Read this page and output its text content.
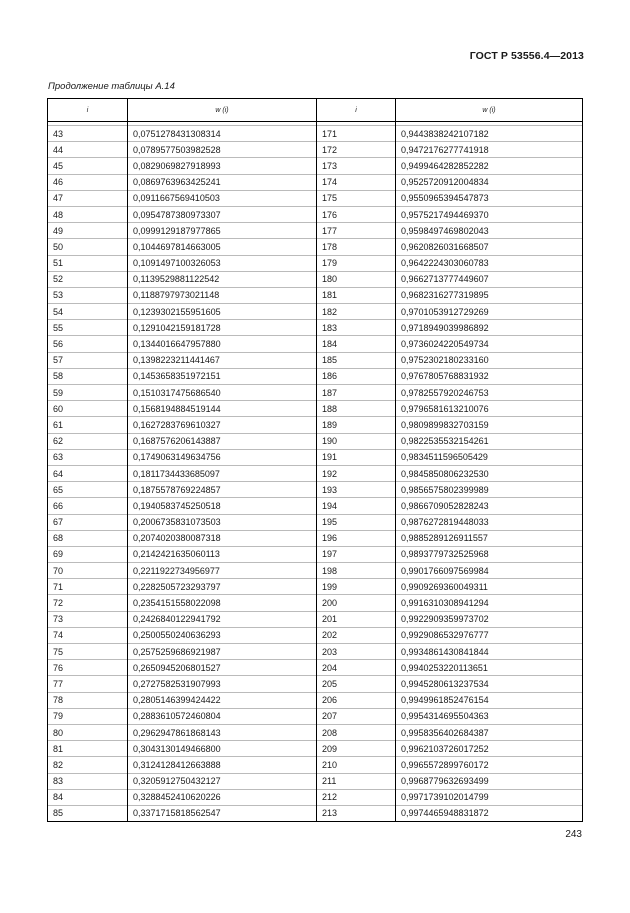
ГОСТ Р 53556.4—2013
Продолжение таблицы А.14
i	w (i)	i	w (i)

43	0,0751278431308314	171	0,9443838242107182
44	0,0789577503982528	172	0,9472176277741918
45	0,0829069827918993	173	0,9499464282852282
46	0,0869763963425241	174	0,9525720912004834
47	0,0911667569410503	175	0,9550965394547873
48	0,0954787380973307	176	0,9575217494469370
49	0,0999129187977865	177	0,9598497469802043
50	0,1044697814663005	178	0,9620826031668507
51	0,1091497100326053	179	0,9642224303060783
52	0,1139529881122542	180	0,9662713777449607
53	0,1188797973021148	181	0,9682316277319895
54	0,1239302155951605	182	0,9701053912729269
55	0,1291042159181728	183	0,9718949039986892
56	0,1344016647957880	184	0,9736024220549734
57	0,1398223211441467	185	0,9752302180233160
58	0,1453658351972151	186	0,9767805768831932
59	0,1510317475686540	187	0,9782557920246753
60	0,1568194884519144	188	0,9796581613210076
61	0,1627283769610327	189	0,9809899832703159
62	0,1687576206143887	190	0,9822535532154261
63	0,1749063149634756	191	0,9834511596505429
64	0,1811734433685097	192	0,9845850806232530
65	0,1875578769224857	193	0,9856575802399989
66	0,1940583745250518	194	0,9866709052828243
67	0,2006735831073503	195	0,9876272819448033
68	0,2074020380087318	196	0,9885289126911557
69	0,2142421635060113	197	0,9893779732525968
70	0,2211922734956977	198	0,9901766097569984
71	0,2282505723293797	199	0,9909269360049311
72	0,2354151558022098	200	0,9916310308941294
73	0,2426840122941792	201	0,9922909359973702
74	0,2500550240636293	202	0,9929086532976777
75	0,2575259686921987	203	0,9934861430841844
76	0,2650945206801527	204	0,9940253220113651
77	0,2727582531907993	205	0,9945280613237534
78	0,2805146399424422	206	0,9949961852476154
79	0,2883610572460804	207	0,9954314695504363
80	0,2962947861868143	208	0,9958356402684387
81	0,3043130149466800	209	0,9962103726017252
82	0,3124128412663888	210	0,9965572899760172
83	0,3205912750432127	211	0,9968779632693499
84	0,3288452410620226	212	0,9971739102014799
85	0,3371715818562547	213	0,9974465948831872
243
